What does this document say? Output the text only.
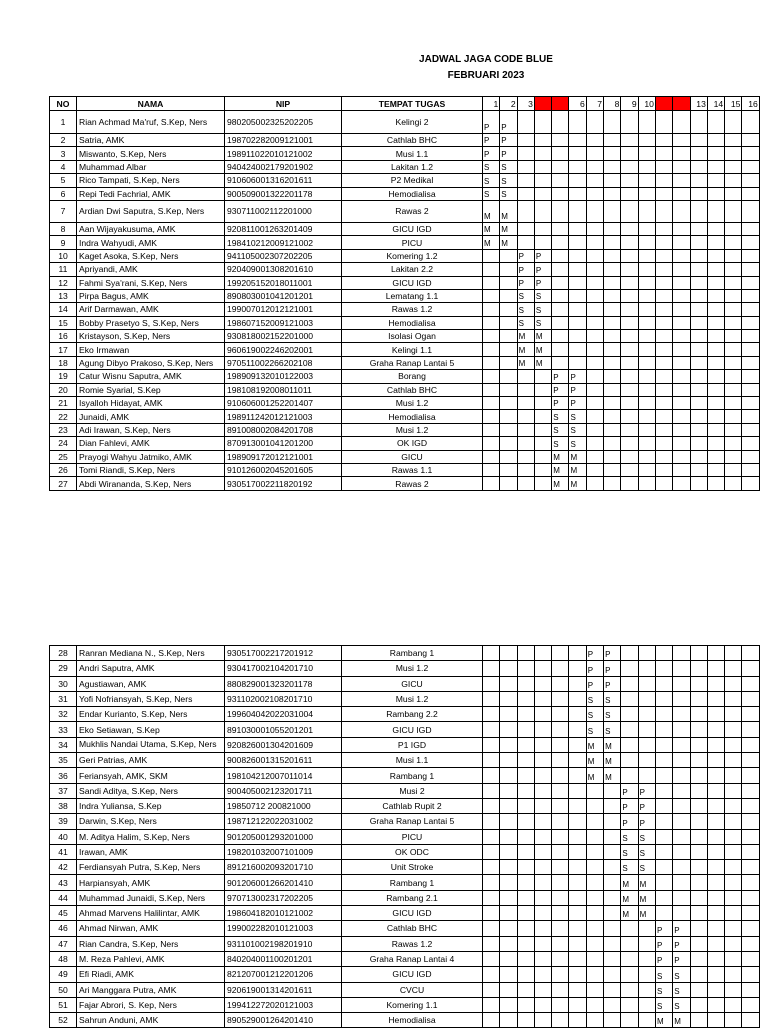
JADWAL JAGA CODE BLUE
FEBRUARI 2023
NO	NAMA	NIP	TEMPAT TUGAS	1	2	3	4	5	6	7	8	9	10	11	12	13	14	15	16
1	Rian Achmad Ma'ruf, S.Kep, Ners	980205002325202205	Kelingi 2	P	P														
2	Satria, AMK	198702282009121001	Cathlab BHC	P	P														
3	Miswanto, S.Kep, Ners	198911022010121002	Musi 1.1	P	P														
4	Muhammad Albar	940424002179201902	Lakitan 1.2	S	S														
5	Rico Tampati, S.Kep, Ners	910606001316201611	P2 Medikal	S	S														
6	Repi Tedi Fachrial, AMK	900509001322201178	Hemodialisa	S	S														
7	Ardian Dwi Saputra, S.Kep, Ners	930711002112201000	Rawas 2	M	M														
8	Aan Wijayakusuma, AMK	920811001263201409	GICU IGD	M	M														
9	Indra Wahyudi, AMK	198410212009121002	PICU	M	M														
10	Kaget Asoka, S.Kep, Ners	941105002307202205	Komering 1.2			P	P												
11	Apriyandi, AMK	920409001308201610	Lakitan 2.2			P	P												
12	Fahmi Sya'rani, S.Kep, Ners	199205152018011001	GICU IGD			P	P												
13	Pirpa Bagus, AMK	890803001041201201	Lematang 1.1			S	S												
14	Arif Darmawan, AMK	199007012012121001	Rawas 1.2			S	S												
15	Bobby Prasetyo S, S.Kep, Ners	198607152009121003	Hemodialisa			S	S												
16	Kristayson, S.Kep, Ners	930818002152201000	Isolasi Ogan			M	M												
17	Eko Irmawan	960619002246202001	Kelingi 1.1			M	M												
18	Agung Dibyo Prakoso, S.Kep, Ners	970511002266202108	Graha Ranap Lantai 5			M	M												
19	Catur Wisnu Saputra, AMK	198909132010122003	Borang					P	P										
20	Romie Syarial, S.Kep	198108192008011011	Cathlab BHC					P	P										
21	Isyalloh Hidayat, AMK	910606001252201407	Musi 1.2					P	P										
22	Junaidi, AMK	198911242012121003	Hemodialisa					S	S										
23	Adi Irawan, S.Kep, Ners	891008002084201708	Musi 1.2					S	S										
24	Dian Fahlevi, AMK	870913001041201200	OK IGD					S	S										
25	Prayogi Wahyu Jatmiko, AMK	198909172012121001	GICU					M	M										
26	Tomi Riandi, S.Kep, Ners	910126002045201605	Rawas 1.1					M	M										
27	Abdi Wirananda, S.Kep, Ners	930517002211820192	Rawas 2					M	M										
28	Ranran Mediana N., S.Kep, Ners	930517002217201912	Rambang 1							P	P								
29	Andri Saputra, AMK	930417002104201710	Musi 1.2							P	P								
30	Agustiawan, AMK	880829001323201178	GICU							P	P								
31	Yofi Nofriansyah, S.Kep, Ners	931102002108201710	Musi 1.2							S	S								
32	Endar Kurianto, S.Kep, Ners	199604042022031004	Rambang 2.2							S	S								
33	Eko Setiawan, S.Kep	891030001055201201	GICU IGD							S	S								
34	Mukhlis Nandai Utama, S.Kep, Ners	920826001304201609	P1 IGD							M	M								
35	Geri Patrias, AMK	900826001315201611	Musi 1.1							M	M								
36	Feriansyah, AMK, SKM	198104212007011014	Rambang 1							M	M								
37	Sandi Aditya, S.Kep, Ners	900405002123201711	Musi 2									P	P						
38	Indra Yuliansa, S.Kep	19850712 200821000	Cathlab Rupit 2									P	P						
39	Darwin, S.Kep, Ners	198712122022031002	Graha Ranap Lantai 5									P	P						
40	M. Aditya Halim, S.Kep, Ners	901205001293201000	PICU									S	S						
41	Irawan, AMK	198201032007101009	OK ODC									S	S						
42	Ferdiansyah Putra, S.Kep, Ners	891216002093201710	Unit Stroke									S	S						
43	Harpiansyah, AMK	901206001266201410	Rambang 1									M	M						
44	Muhammad Junaidi, S.Kep, Ners	970713002317202205	Rambang 2.1									M	M						
45	Ahmad Marvens Halilintar, AMK	198604182010121002	GICU IGD									M	M						
46	Ahmad Nirwan, AMK	199002282010121003	Cathlab BHC											P	P				
47	Rian Candra, S.Kep, Ners	931101002198201910	Rawas 1.2											P	P				
48	M. Reza Pahlevi, AMK	840204001100201201	Graha Ranap Lantai 4											P	P				
49	Efi Riadi, AMK	821207001212201206	GICU IGD											S	S				
50	Ari Manggara Putra, AMK	920619001314201611	CVCU											S	S				
51	Fajar Abrori, S. Kep, Ners	199412272020121003	Komering 1.1											S	S				
52	Sahrun Anduni, AMK	890529001264201410	Hemodialisa											M	M				
